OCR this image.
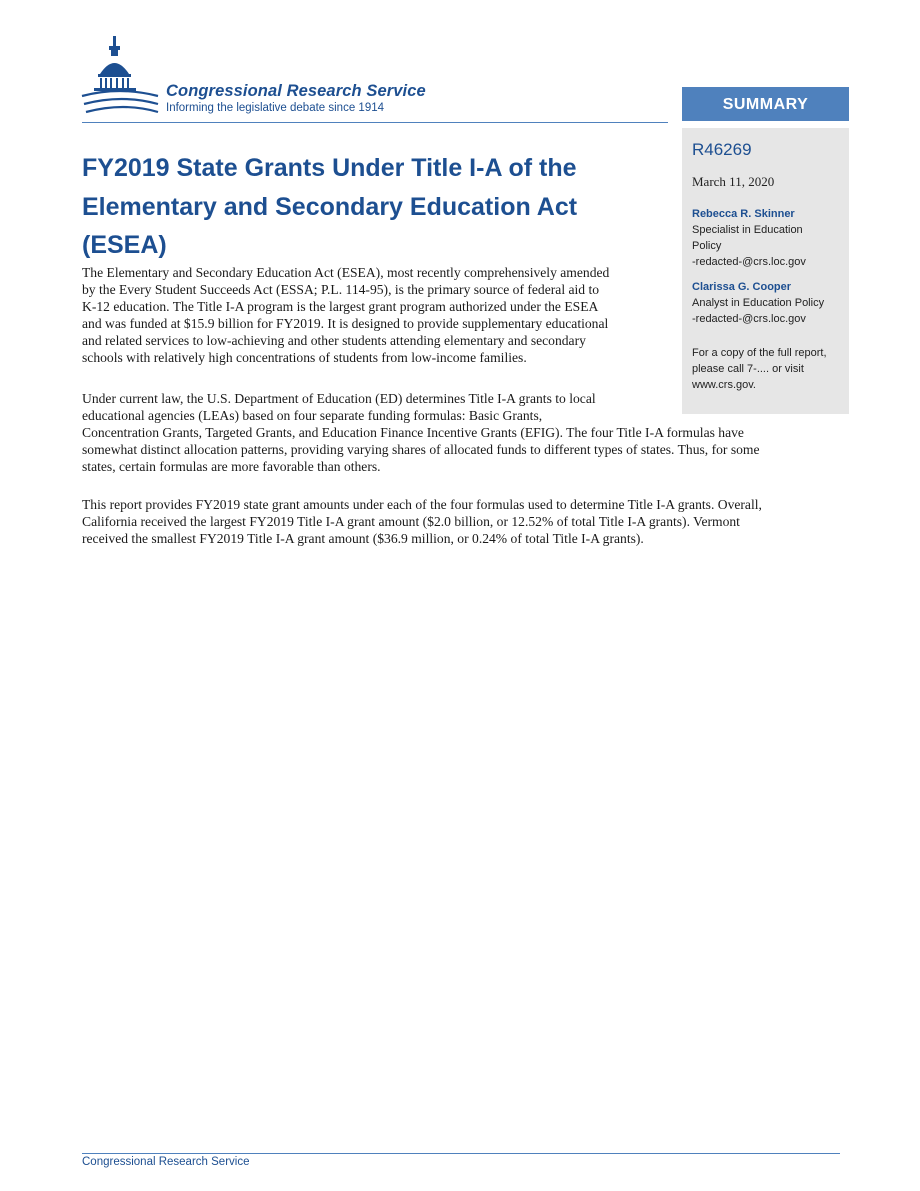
Congressional Research Service
Informing the legislative debate since 1914	SUMMARY
R46269
March 11, 2020
Rebecca R. Skinner
Specialist in Education
Policy
-redacted-@crs.loc.gov
Clarissa G. Cooper
Analyst in Education Policy
-redacted-@crs.loc.gov
For a copy of the full report,
please call 7-.... or visit
www.crs.gov.
FY2019 State Grants Under Title I-A of the
Elementary and Secondary Education Act
(ESEA)

The Elementary and Secondary Education Act (ESEA), most recently comprehensively amended
by the Every Student Succeeds Act (ESSA; P.L. 114-95), is the primary source of federal aid to
K-12 education. The Title I-A program is the largest grant program authorized under the ESEA
and was funded at $15.9 billion for FY2019. It is designed to provide supplementary educational
and related services to low-achieving and other students attending elementary and secondary
schools with relatively high concentrations of students from low-income families.

Under current law, the U.S. Department of Education (ED) determines Title I-A grants to local
educational agencies (LEAs) based on four separate funding formulas: Basic Grants,
Concentration Grants, Targeted Grants, and Education Finance Incentive Grants (EFIG). The four Title I-A formulas have
somewhat distinct allocation patterns, providing varying shares of allocated funds to different types of states. Thus, for some
states, certain formulas are more favorable than others.

This report provides FY2019 state grant amounts under each of the four formulas used to determine Title I-A grants. Overall,
California received the largest FY2019 Title I-A grant amount ($2.0 billion, or 12.52% of total Title I-A grants). Vermont
received the smallest FY2019 Title I-A grant amount ($36.9 million, or 0.24% of total Title I-A grants).

Congressional Research Service
